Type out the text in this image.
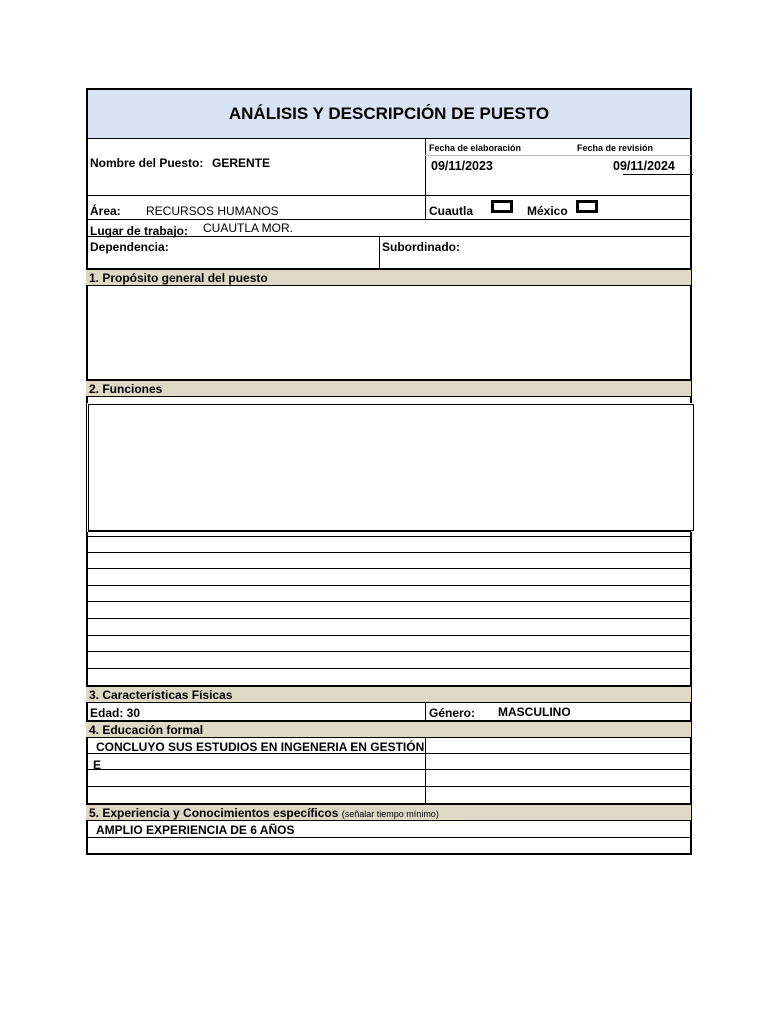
ANÁLISIS Y DESCRIPCIÓN DE PUESTO
Nombre del Puesto: GERENTE
Fecha de elaboración	Fecha de revisión
09/11/2023	09/11/2024
Área: RECURSOS HUMANOS	Cuautla	México
Lugar de trabajo: CUAUTLA MOR.
Dependencia:	Subordinado:
1. Propósito general del puesto
2. Funciones
3. Características Físicas
Edad: 30	Género: MASCULINO
4. Educación formal
CONCLUYO SUS ESTUDIOS EN INGENERIA EN GESTIÓN
E
5. Experiencia y Conocimientos específicos (señalar tiempo mínimo)
AMPLIO EXPERIENCIA DE 6 AÑOS
